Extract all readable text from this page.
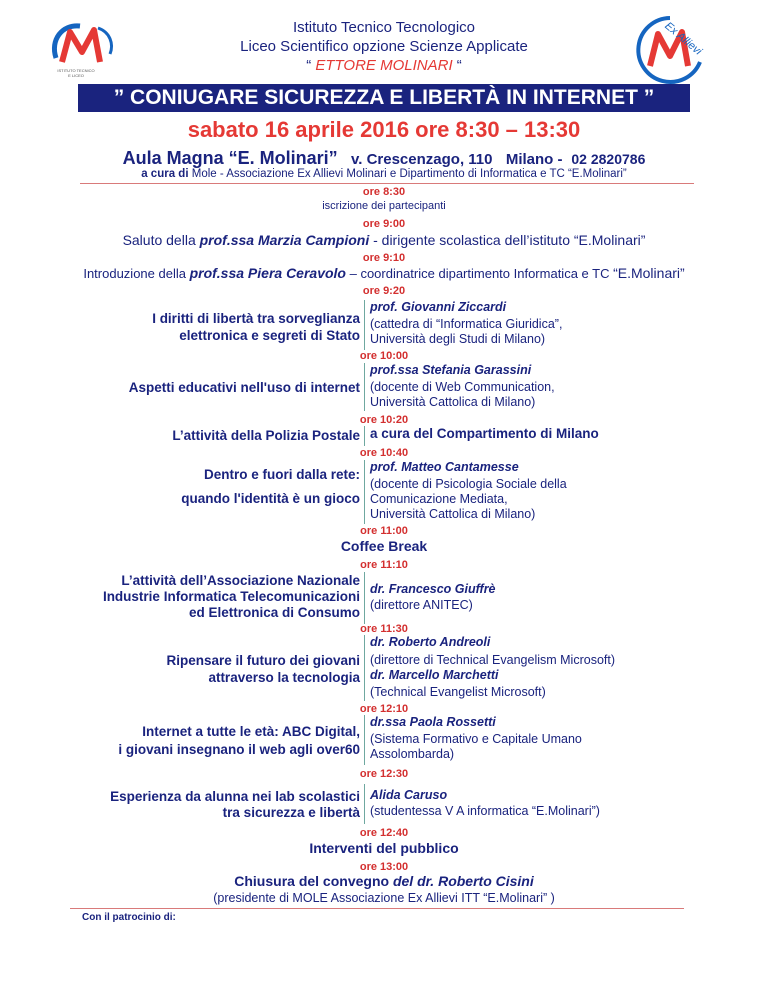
ISTITUTO TECNICO E LICEO
Ex Allievi
Istituto Tecnico Tecnologico
Liceo Scientifico opzione Scienze Applicate
“ ETTORE MOLINARI “
” CONIUGARE SICUREZZA E LIBERTÀ IN INTERNET ”
sabato 16 aprile 2016 ore 8:30 – 13:30
Aula Magna “E. Molinari” v. Crescenzago, 110 Milano - 02 2820786
a cura di Mole - Associazione Ex Allievi Molinari e Dipartimento di Informatica e TC “E.Molinari”
ore 8:30
iscrizione dei partecipanti
ore 9:00
Saluto della prof.ssa Marzia Campioni - dirigente scolastica dell’istituto “E.Molinari”
ore 9:10
Introduzione della prof.ssa Piera Ceravolo – coordinatrice dipartimento Informatica e TC “E.Molinari”
ore 9:20
I diritti di libertà tra sorveglianza
elettronica e segreti di Stato
prof. Giovanni Ziccardi
(cattedra di “Informatica Giuridica”,
Università degli Studi di Milano)
ore 10:00
Aspetti educativi nell'uso di internet
prof.ssa Stefania Garassini
(docente di Web Communication,
Università Cattolica di Milano)
ore 10:20
L’attività della Polizia Postale a cura del Compartimento di Milano
ore 10:40
Dentro e fuori dalla rete:
quando l'identità è un gioco
prof. Matteo Cantamesse
(docente di Psicologia Sociale della
Comunicazione Mediata,
Università Cattolica di Milano)
ore 11:00
Coffee Break
ore 11:10
L’attività dell’Associazione Nazionale
Industrie Informatica Telecomunicazioni
ed Elettronica di Consumo
dr. Francesco Giuffrè
(direttore ANITEC)
ore 11:30
Ripensare il futuro dei giovani
attraverso la tecnologia
dr. Roberto Andreoli
(direttore di Technical Evangelism Microsoft)
dr. Marcello Marchetti
(Technical Evangelist Microsoft)
ore 12:10
Internet a tutte le età: ABC Digital,
i giovani insegnano il web agli over60
dr.ssa Paola Rossetti
(Sistema Formativo e Capitale Umano
Assolombarda)
ore 12:30
Esperienza da alunna nei lab scolastici
tra sicurezza e libertà
Alida Caruso
(studentessa V A informatica “E.Molinari”)
ore 12:40
Interventi del pubblico
ore 13:00
Chiusura del convegno del dr. Roberto Cisini
(presidente di MOLE Associazione Ex Allievi ITT “E.Molinari” )
Con il patrocinio di:
